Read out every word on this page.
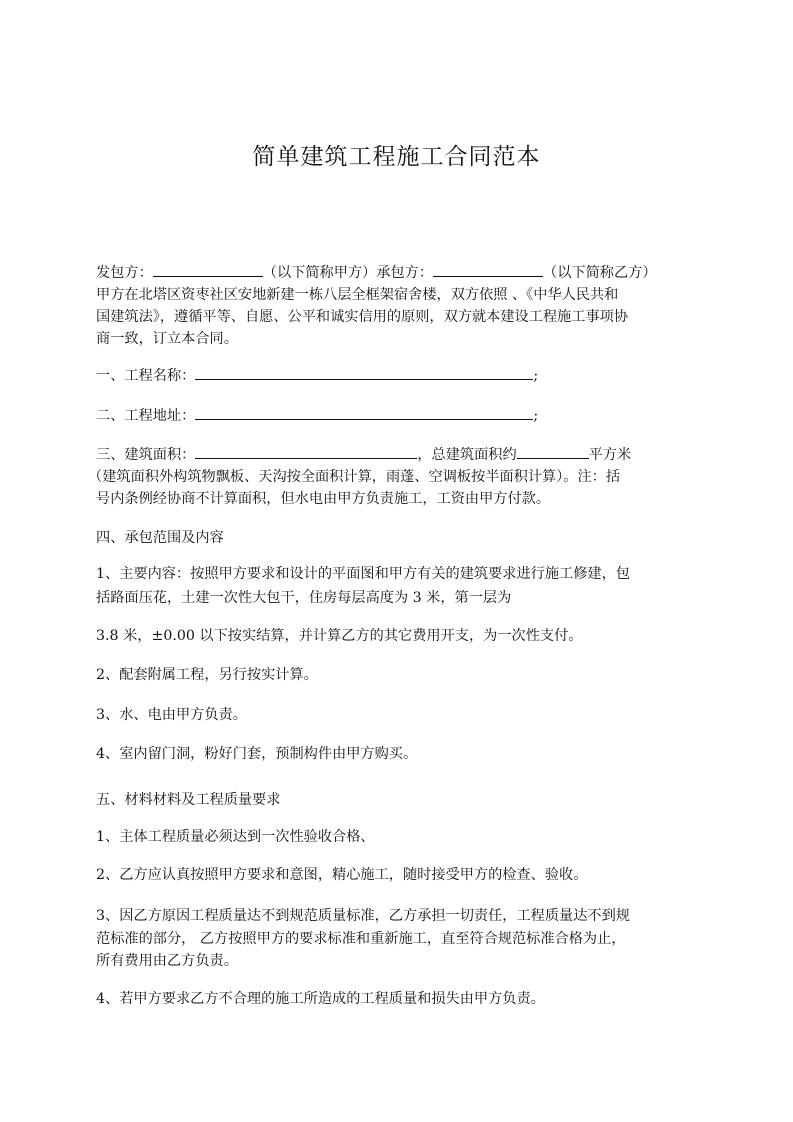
简单建筑工程施工合同范本
发包方：	（以下简称甲方）承包方：	（以下简称乙方）
甲方在北塔区资枣社区安地新建一栋八层全框架宿舍楼，双方依照 、《中华人民共和
国建筑法》，遵循平等、自愿、公平和诚实信用的原则，双方就本建设工程施工事项协
商一致，订立本合同。
一、工程名称：	;
二、工程地址：	;
三、建筑面积：	，总建筑面积约	平方米
（建筑面积外构筑物飘板、天沟按全面积计算，雨蓬、空调板按半面积计算）。注：括
号内条例经协商不计算面积，但水电由甲方负责施工，工资由甲方付款。
四、承包范围及内容
1、主要内容：按照甲方要求和设计的平面图和甲方有关的建筑要求进行施工修建，包
括路面压花，土建一次性大包干，住房每层高度为 3 米，第一层为
3.8 米，±0.00 以下按实结算，并计算乙方的其它费用开支，为一次性支付。
2、配套附属工程，另行按实计算。
3、水、电由甲方负责。
4、室内留门洞，粉好门套，预制构件由甲方购买。
五、材料材料及工程质量要求
1、主体工程质量必须达到一次性验收合格、
2、乙方应认真按照甲方要求和意图，精心施工，随时接受甲方的检查、验收。
3、因乙方原因工程质量达不到规范质量标准，乙方承担一切责任，工程质量达不到规
范标准的部分， 乙方按照甲方的要求标准和重新施工，直至符合规范标准合格为止，
所有费用由乙方负责。
4、若甲方要求乙方不合理的施工所造成的工程质量和损失由甲方负责。
